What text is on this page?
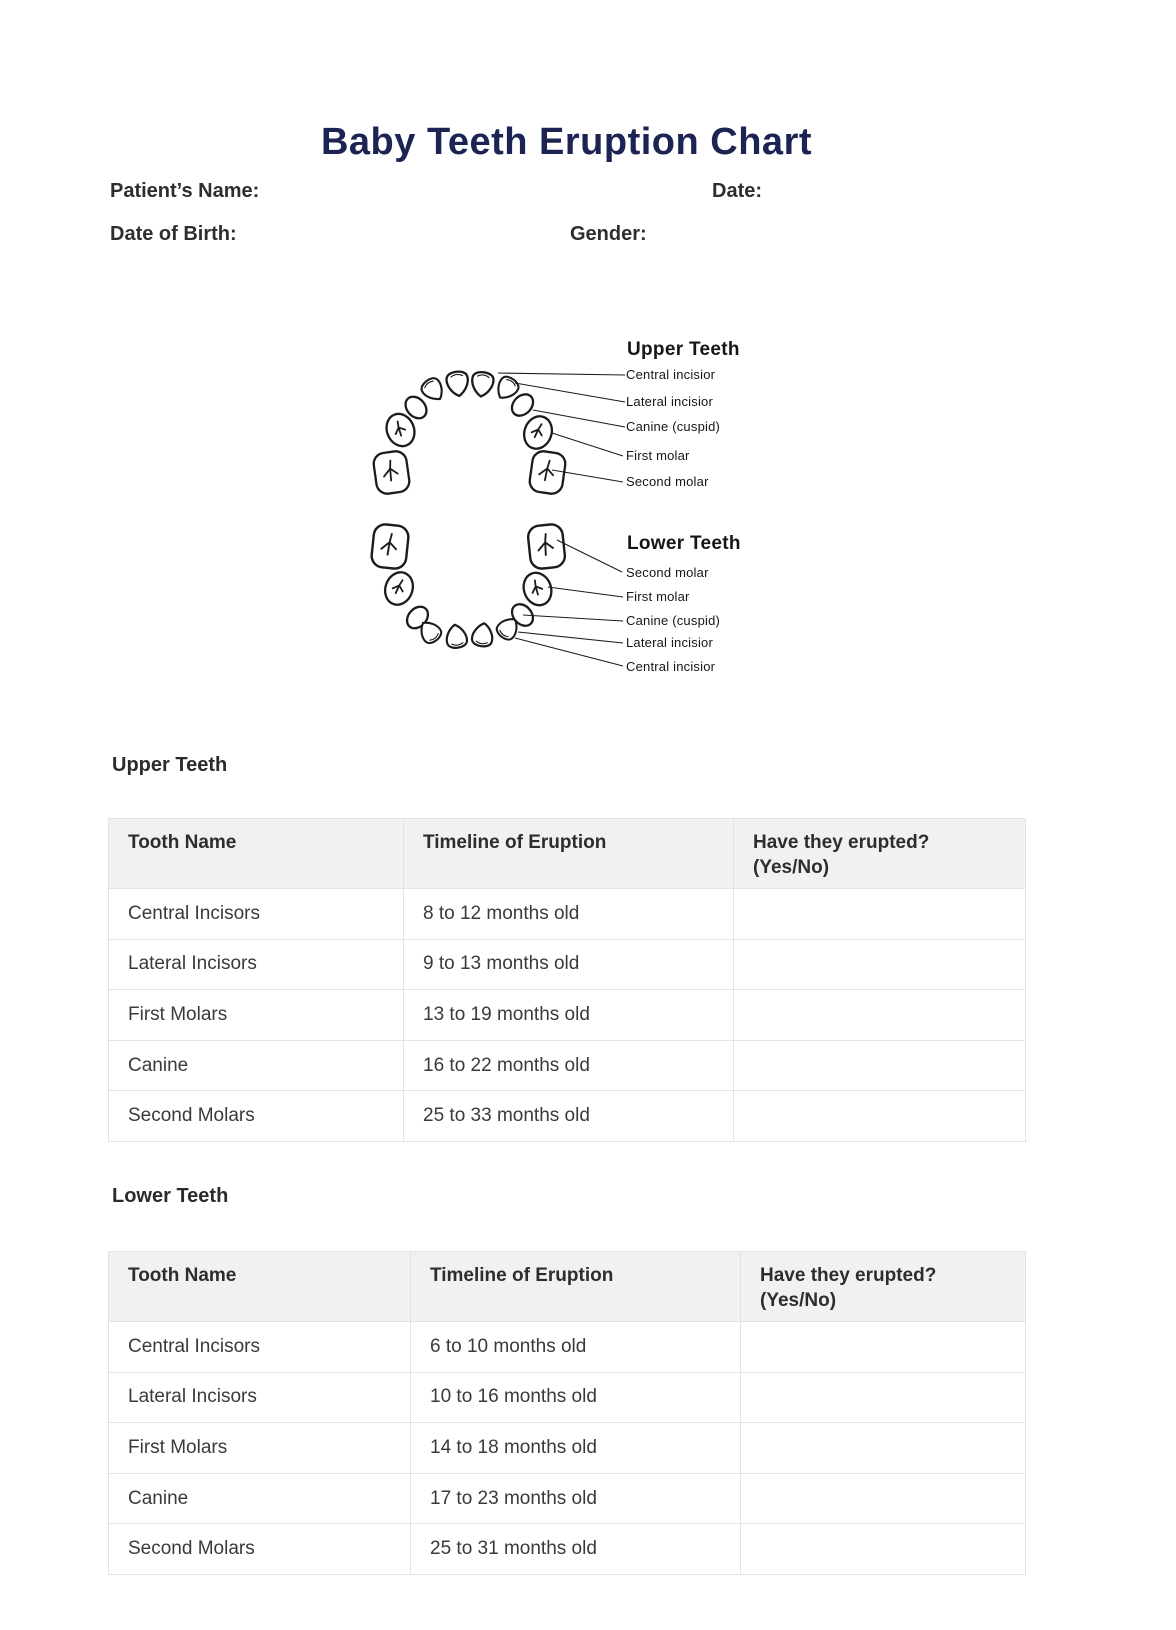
Baby Teeth Eruption Chart
Patient’s Name:	Date:
Date of Birth:	Gender:
Upper Teeth
Central incisior
Lateral incisior
Canine (cuspid)
First molar
Second molar
Lower Teeth
Second molar
First molar
Canine (cuspid)
Lateral incisior
Central incisior
Upper Teeth
Tooth Name	Timeline of Eruption	Have they erupted?
(Yes/No)

Central Incisors	8 to 12 months old	
Lateral Incisors	9 to 13 months old	
First Molars	13 to 19 months old	
Canine	16 to 22 months old	
Second Molars	25 to 33 months old	
Lower Teeth
Tooth Name	Timeline of Eruption	Have they erupted?
(Yes/No)

Central Incisors	6 to 10 months old	
Lateral Incisors	10 to 16 months old	
First Molars	14 to 18 months old	
Canine	17 to 23 months old	
Second Molars	25 to 31 months old	
